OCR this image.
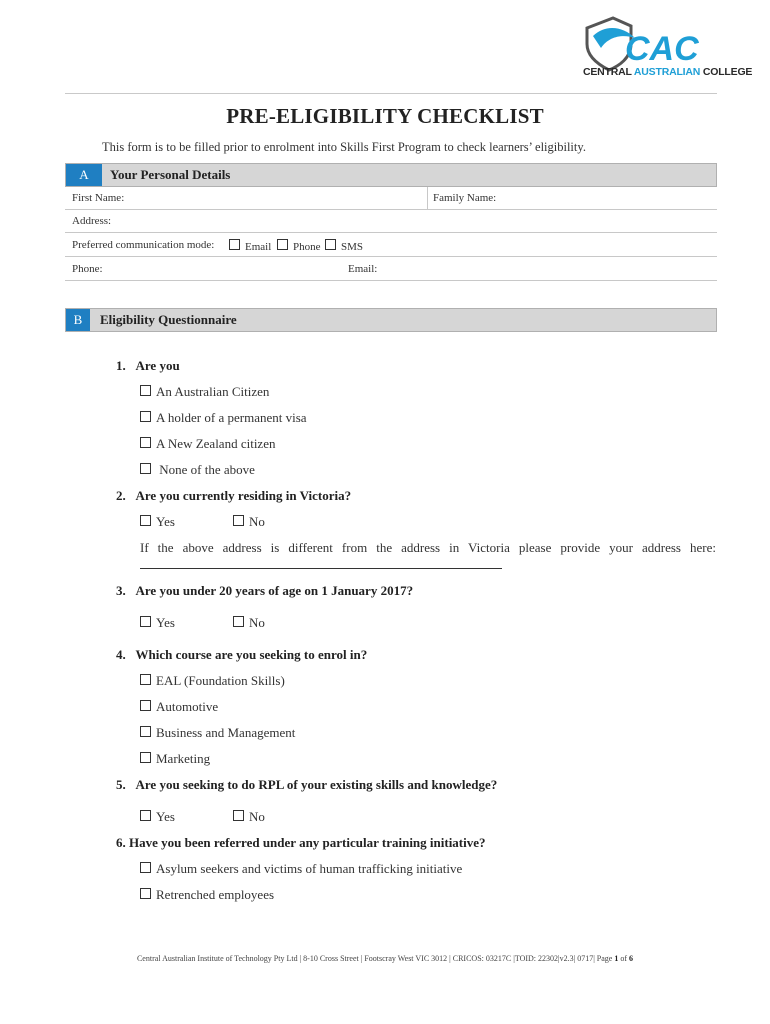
CAC
CENTRAL AUSTRALIAN COLLEGE
PRE-ELIGIBILITY CHECKLIST
This form is to be filled prior to enrolment into Skills First Program to check learners’ eligibility.
A	Your Personal Details
First Name:	Family Name:
Address:
Preferred communication mode:	Email	Phone	SMS
Phone:	Email:
B	Eligibility Questionnaire
1. Are you
An Australian Citizen
A holder of a permanent visa
A New Zealand citizen
None of the above
2. Are you currently residing in Victoria?
Yes	No
If the above address is different from the address in Victoria please provide your address here:
3. Are you under 20 years of age on 1 January 2017?
Yes	No
4. Which course are you seeking to enrol in?
EAL (Foundation Skills)
Automotive
Business and Management
Marketing
5. Are you seeking to do RPL of your existing skills and knowledge?
Yes	No
6. Have you been referred under any particular training initiative?
Asylum seekers and victims of human trafficking initiative
Retrenched employees
Central Australian Institute of Technology Pty Ltd | 8-10 Cross Street | Footscray West VIC 3012 | CRICOS: 03217C |TOID: 22302|v2.3| 0717| Page 1 of 6
